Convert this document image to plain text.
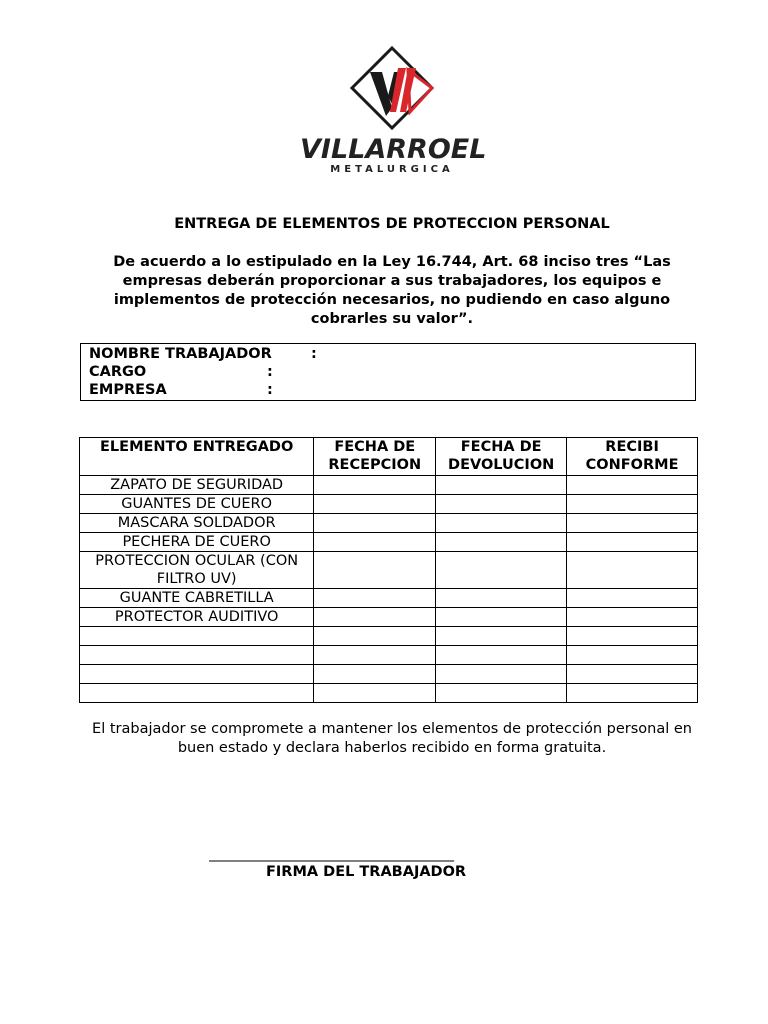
VILLARROEL
METALURGICA
ENTREGA DE ELEMENTOS DE PROTECCION PERSONAL
De acuerdo a lo estipulado en la Ley 16.744, Art. 68 inciso tres “Las empresas deberán proporcionar a sus trabajadores, los equipos e implementos de protección necesarios, no pudiendo en caso alguno cobrarles su valor”.
NOMBRE TRABAJADOR	:
CARGO	:
EMPRESA	:
ELEMENTO ENTREGADO	FECHA DE RECEPCION	FECHA DE DEVOLUCION	RECIBI CONFORME
ZAPATO DE SEGURIDAD			
GUANTES DE CUERO			
MASCARA SOLDADOR			
PECHERA DE CUERO			
PROTECCION OCULAR (CON FILTRO UV)			
GUANTE CABRETILLA			
PROTECTOR AUDITIVO			

El trabajador se compromete a mantener los elementos de protección personal en buen estado y declara haberlos recibido en forma gratuita.
___________________________________
FIRMA DEL TRABAJADOR
